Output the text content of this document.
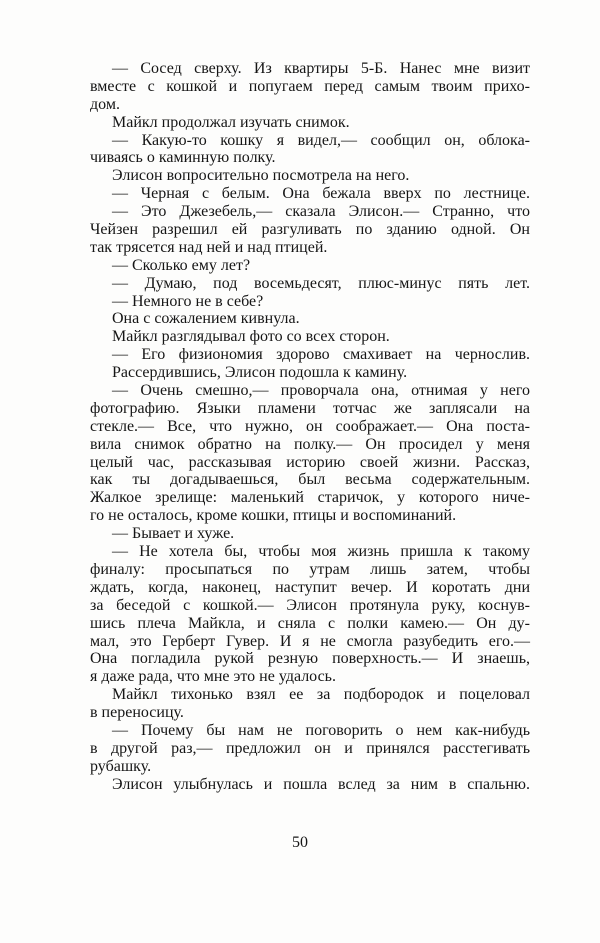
— Сосед сверху. Из квартиры 5-Б. Нанес мне визит
вместе с кошкой и попугаем перед самым твоим прихо-
дом.
Майкл продолжал изучать снимок.
— Какую-то кошку я видел,— сообщил он, облока-
чиваясь о каминную полку.
Элисон вопросительно посмотрела на него.
— Черная с белым. Она бежала вверх по лестнице.
— Это Джезебель,— сказала Элисон.— Странно, что
Чейзен разрешил ей разгуливать по зданию одной. Он
так трясется над ней и над птицей.
— Сколько ему лет?
— Думаю, под восемьдесят, плюс-минус пять лет.
— Немного не в себе?
Она с сожалением кивнула.
Майкл разглядывал фото со всех сторон.
— Его физиономия здорово смахивает на чернослив.
Рассердившись, Элисон подошла к камину.
— Очень смешно,— проворчала она, отнимая у него
фотографию. Языки пламени тотчас же заплясали на
стекле.— Все, что нужно, он соображает.— Она поста-
вила снимок обратно на полку.— Он просидел у меня
целый час, рассказывая историю своей жизни. Рассказ,
как ты догадываешься, был весьма содержательным.
Жалкое зрелище: маленький старичок, у которого ниче-
го не осталось, кроме кошки, птицы и воспоминаний.
— Бывает и хуже.
— Не хотела бы, чтобы моя жизнь пришла к такому
финалу: просыпаться по утрам лишь затем, чтобы
ждать, когда, наконец, наступит вечер. И коротать дни
за беседой с кошкой.— Элисон протянула руку, коснув-
шись плеча Майкла, и сняла с полки камею.— Он ду-
мал, это Герберт Гувер. И я не смогла разубедить его.—
Она погладила рукой резную поверхность.— И знаешь,
я даже рада, что мне это не удалось.
Майкл тихонько взял ее за подбородок и поцеловал
в переносицу.
— Почему бы нам не поговорить о нем как-нибудь
в другой раз,— предложил он и принялся расстегивать
рубашку.
Элисон улыбнулась и пошла вслед за ним в спальню.
50
